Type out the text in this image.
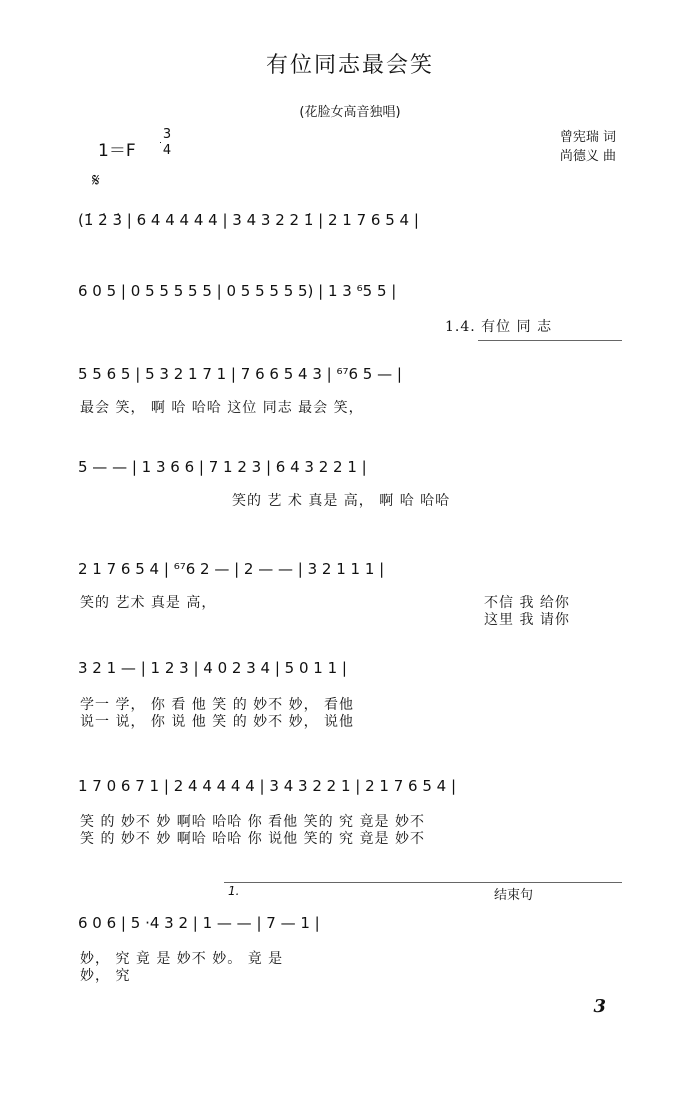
有位同志最会笑
(花脸女高音独唱)
1＝F
3
4
曾宪瑞 词
尚德义 曲
𝄋
(1̇ 2̇ 3̇ | 6 4 4 4 4 4 | 3 4 3 2 2 1̇ | 2 1 7 6 5 4 |
6 0 5 | 0 5 5 5 5 5 | 0 5 5 5 5 5) | 1 3 ⁶5 5 |
1.4. 有位 同 志
5 5 6 5 | 5 3 2 1 7 1 | 7 6 6 5 4 3 | ⁶⁷6 5 — |
最会 笑， 啊 哈 哈哈 这位 同志 最会 笑，
5 — — | 1 3 6 6 | 7 1 2 3 | 6 4 3 2 2 1 |
笑的 艺 术 真是 高， 啊 哈 哈哈
2 1 7 6 5 4 | ⁶⁷6 2 — | 2 — — | 3 2 1 1 1 |
笑的 艺术 真是 高，	不信 我 给你
这里 我 请你
3 2 1 — | 1 2 3 | 4 0 2 3 4 | 5 0 1 1 |
学一 学， 你 看 他 笑 的 妙不 妙， 看他
说一 说， 你 说 他 笑 的 妙不 妙， 说他
1 7 0 6 7 1 | 2 4 4 4 4 4 | 3 4 3 2 2 1 | 2 1 7 6 5 4 |
笑 的 妙不 妙 啊哈 哈哈 你 看他 笑的 究 竟是 妙不
笑 的 妙不 妙 啊哈 哈哈 你 说他 笑的 究 竟是 妙不
1.	结束句
6 0 6 | 5 ·4 3 2 | 1 — — | 7 — 1 |
妙， 究 竟 是 妙不 妙。 竟 是
妙， 究
3
